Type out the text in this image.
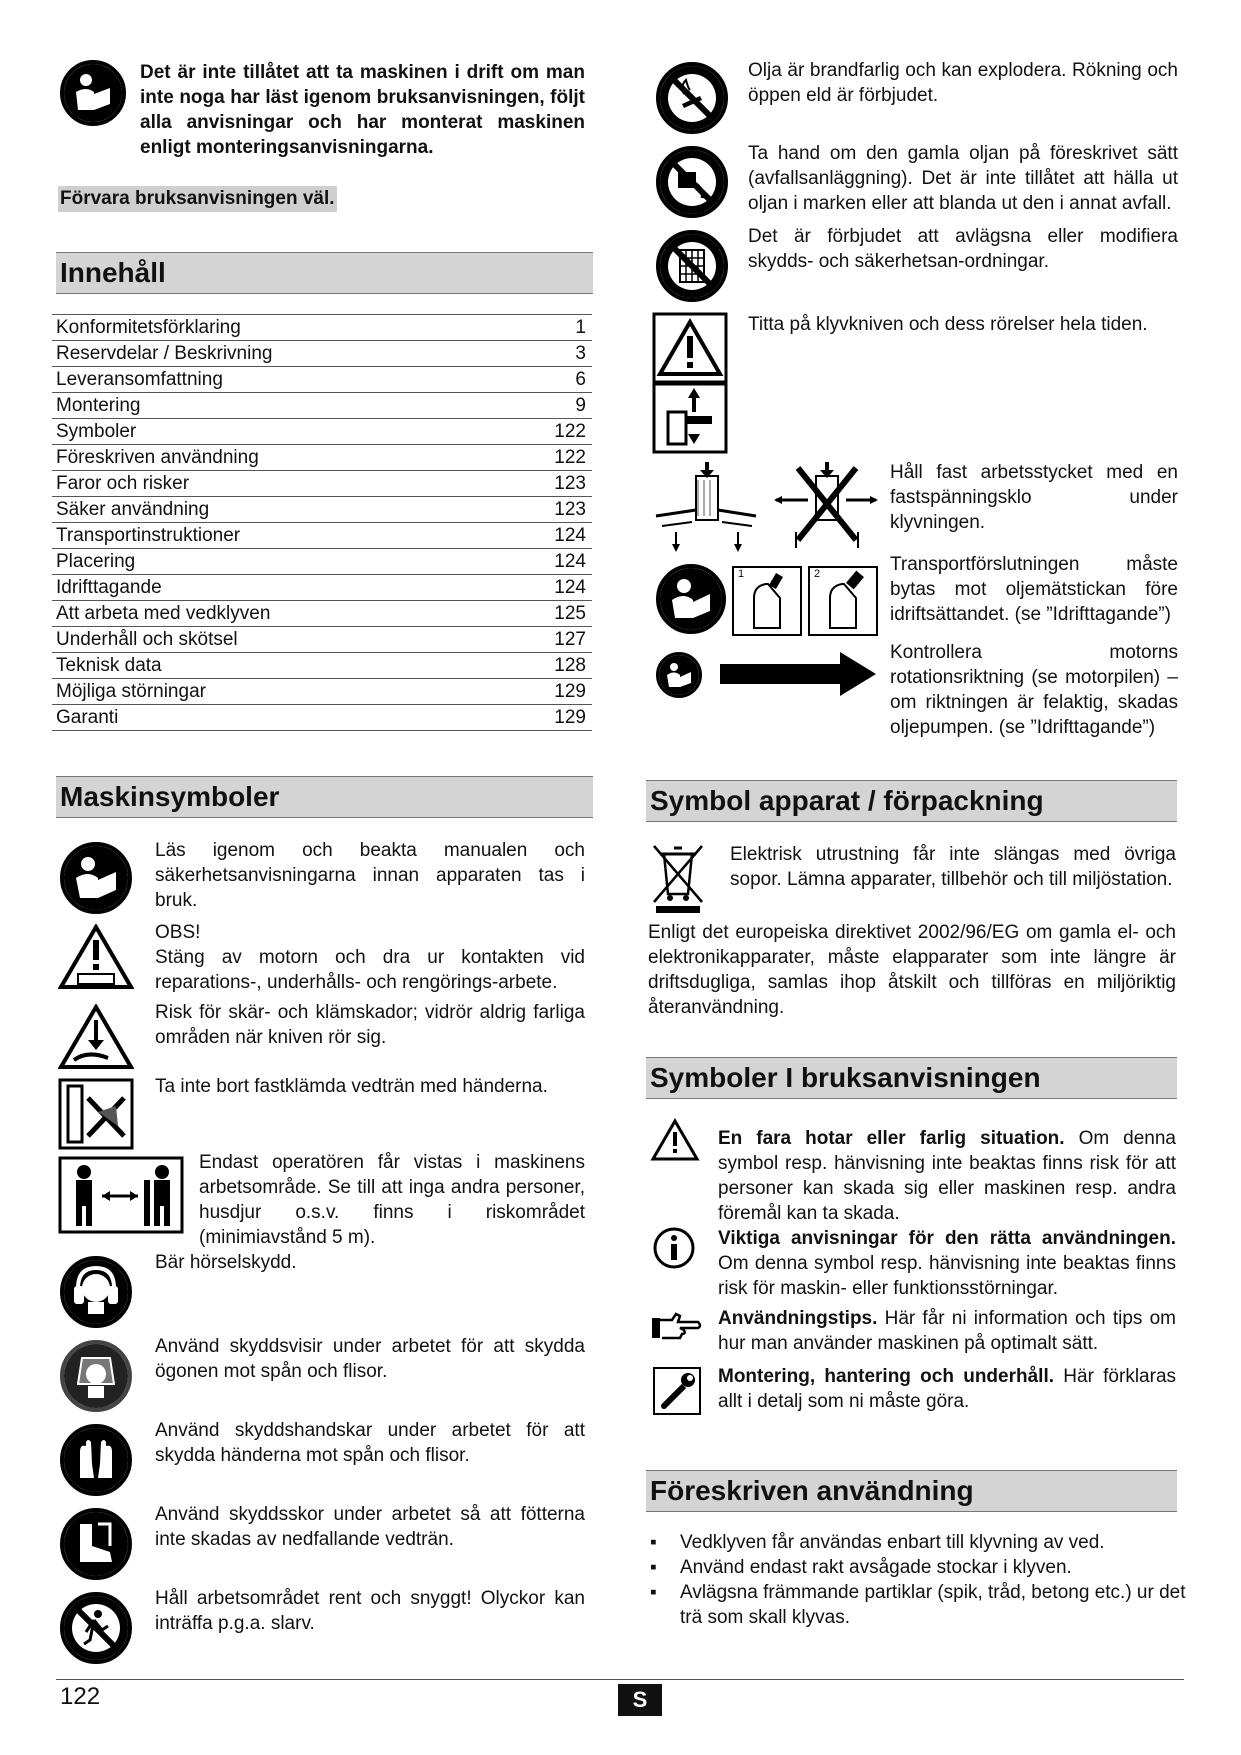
Det är inte tillåtet att ta maskinen i drift om man inte noga har läst igenom bruksanvisningen, följt alla anvisningar och har monterat maskinen enligt monteringsanvisningarna.
Förvara bruksanvisningen väl.
Innehåll
Konformitetsförklaring	1
Reservdelar / Beskrivning	3
Leveransomfattning	6
Montering	9
Symboler	122
Föreskriven användning	122
Faror och risker	123
Säker användning	123
Transportinstruktioner	124
Placering	124
Idrifttagande	124
Att arbeta med vedklyven	125
Underhåll och skötsel	127
Teknisk data	128
Möjliga störningar	129
Garanti	129
Maskinsymboler
Läs igenom och beakta manualen och säkerhetsanvisningarna innan apparaten tas i bruk.
OBS!
Stäng av motorn och dra ur kontakten vid reparations-, underhålls- och rengörings-arbete.
Risk för skär- och klämskador; vidrör aldrig farliga områden när kniven rör sig.
Ta inte bort fastklämda vedträn med händerna.
Endast operatören får vistas i maskinens arbetsområde. Se till att inga andra personer, husdjur o.s.v. finns i riskområdet (minimiavstånd 5 m).
Bär hörselskydd.
Använd skyddsvisir under arbetet för att skydda ögonen mot spån och flisor.
Använd skyddshandskar under arbetet för att skydda händerna mot spån och flisor.
Använd skyddsskor under arbetet så att fötterna inte skadas av nedfallande vedträn.
Håll arbetsområdet rent och snyggt! Olyckor kan inträffa p.g.a. slarv.
Olja är brandfarlig och kan explodera. Rökning och öppen eld är förbjudet.
Ta hand om den gamla oljan på föreskrivet sätt (avfallsanläggning). Det är inte tillåtet att hälla ut oljan i marken eller att blanda ut den i annat avfall.
Det är förbjudet att avlägsna eller modifiera skydds- och säkerhetsan-ordningar.
Titta på klyvkniven och dess rörelser hela tiden.
Håll fast arbetsstycket med en fastspänningsklo under klyvningen.
1	2	Transportförslutningen måste bytas mot oljemätstickan före idriftsättandet. (se ”Idrifttagande”)
Kontrollera motorns rotationsriktning (se motorpilen) – om riktningen är felaktig, skadas oljepumpen. (se ”Idrifttagande”)
Symbol apparat / förpackning
Elektrisk utrustning får inte slängas med övriga sopor. Lämna apparater, tillbehör och till miljöstation.
Enligt det europeiska direktivet 2002/96/EG om gamla el- och elektronikapparater, måste elapparater som inte längre är driftsdugliga, samlas ihop åtskilt och tillföras en miljöriktig återanvändning.
Symboler I bruksanvisningen
En fara hotar eller farlig situation. Om denna symbol resp. hänvisning inte beaktas finns risk för att personer kan skada sig eller maskinen resp. andra föremål kan ta skada.
Viktiga anvisningar för den rätta användningen. Om denna symbol resp. hänvisning inte beaktas finns risk för maskin- eller funktionsstörningar.
Användningstips. Här får ni information och tips om hur man använder maskinen på optimalt sätt.
Montering, hantering och underhåll. Här förklaras allt i detalj som ni måste göra.
Föreskriven användning
▪ Vedklyven får användas enbart till klyvning av ved.
▪ Använd endast rakt avsågade stockar i klyven.
▪ Avlägsna främmande partiklar (spik, tråd, betong etc.) ur det trä som skall klyvas.
122	S
